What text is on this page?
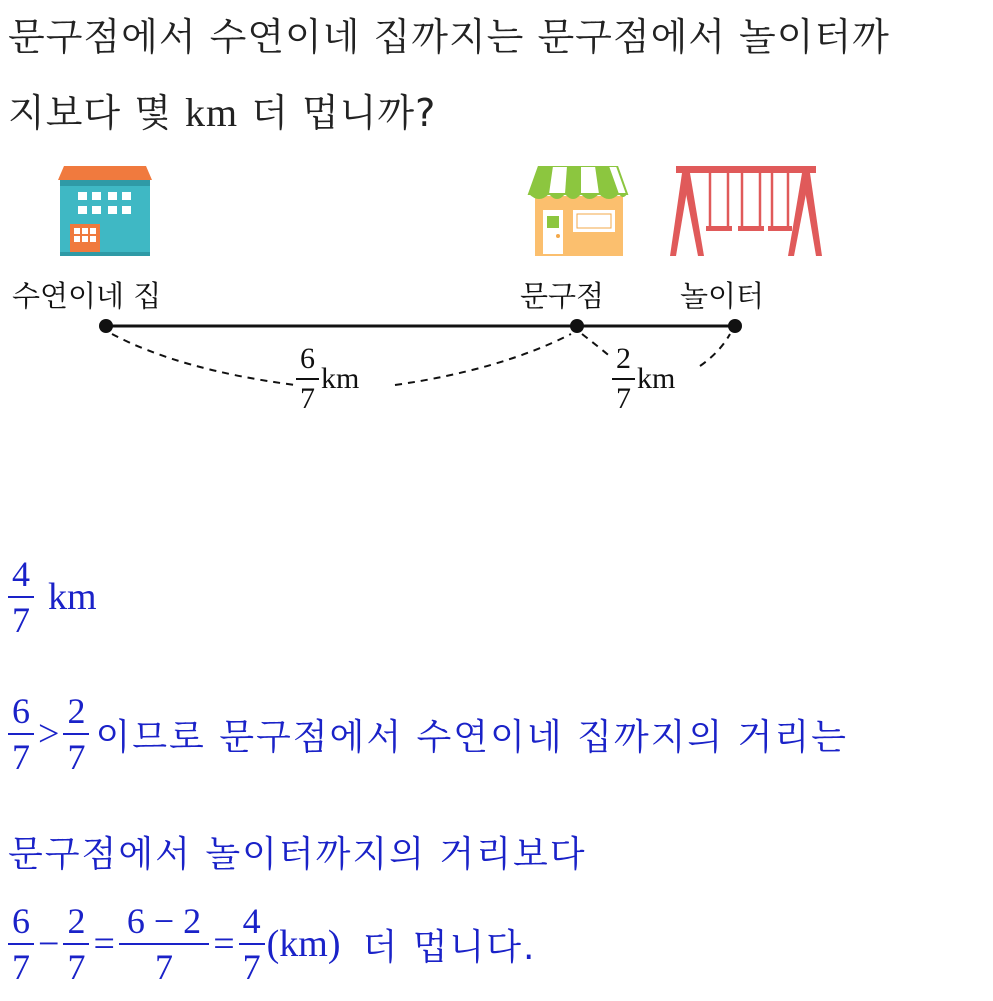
문구점에서 수연이네 집까지는 문구점에서 놀이터까
지보다 몇 km 더 멉니까?
수연이네 집	문구점	놀이터
$\frac{6}{7}$ km	$\frac{2}{7}$ km
$\frac{4}{7}$ km
$\frac{6}{7} > \frac{2}{7}$ 이므로 문구점에서 수연이네 집까지의 거리는
문구점에서 놀이터까지의 거리보다
$\frac{6}{7} - \frac{2}{7} = \frac{6 - 2}{7} = \frac{4}{7} (km)$ 더 멉니다.
